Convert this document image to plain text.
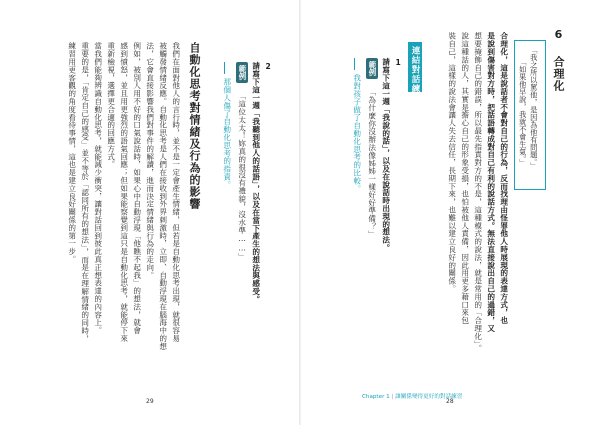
2
請寫下這一週「我聽到他人的話語」，以及在當下產生的想法與感受。
範例
「這位太太！妳真的很沒有禮貌，沒水準……」
那個人傷了自動化思考的指責。
自動化思考對情緒及行為的影響
我們在面對他人的言行時，並不是一定會產生情緒，但若是自動化思考出現，就很容易
被觸發情緒反應。自動化思考是人們在接收到外界刺激時，立即、自動浮現在腦海中的想
法，它會直接影響我們對事件的解讀，進而決定情緒與行為的走向。
例如，被別人用不好的口氣說話時，如果心中自動浮現「他瞧不起我」的想法，就會
感到憤怒，並且用更強烈的語氣回應；但如果能察覺到這只是自動化思考，就能停下來
重新檢視，選擇更合適的回應方式。
當我們能夠辨識自動化思考，就能減少衝突，讓對話回到彼此真正想表達的內容上。
重要的是，「肯定自己的感受」並不等於「認同所有的想法」，而是在理解情緒的同時，
練習用更客觀的角度看待事情，這也是建立良好關係的第一步。
29
6 合理化
「我之所以罵他，是因為他有問題。」
「如果他早說，我就不會生氣。」
合理化，這是說話者不會對自己的行為，反而找理由怪罪他人時展現的表達方式，也
是說到傷害對方時，把話語轉成對自己有利的說話方式。無法直接說出自己的過錯，又
想要掩飾自己的錯誤，所以最先指責對方的不是，這種模式的說法，就是常用的「合理化」。
說這種話的人，其實是擔心自己的形象受損，也怕被他人責備，因此用更多藉口來包
裝自己，這樣的說法會讓人失去信任，長期下來，也難以建立良好的關係。
連結對話練習
1
請寫下這一週「我說的話」，以及在說話時出現的想法。
範例
「為什麼你沒辦法像姊姊一樣好好準備？」
我對孩子做了自動化思考的比較。
Chapter 1 | 讓關係變得更好的對話練習
28
